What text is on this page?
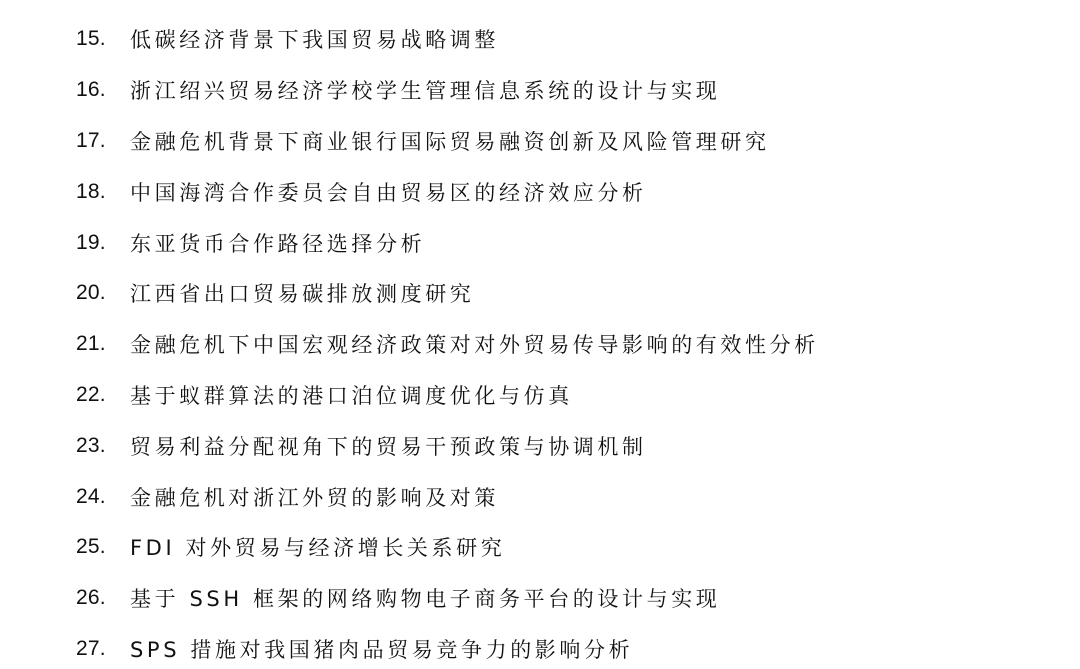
15.	低碳经济背景下我国贸易战略调整
16.	浙江绍兴贸易经济学校学生管理信息系统的设计与实现
17.	金融危机背景下商业银行国际贸易融资创新及风险管理研究
18.	中国海湾合作委员会自由贸易区的经济效应分析
19.	东亚货币合作路径选择分析
20.	江西省出口贸易碳排放测度研究
21.	金融危机下中国宏观经济政策对对外贸易传导影响的有效性分析
22.	基于蚁群算法的港口泊位调度优化与仿真
23.	贸易利益分配视角下的贸易干预政策与协调机制
24.	金融危机对浙江外贸的影响及对策
25.	FDI 对外贸易与经济增长关系研究
26.	基于 SSH 框架的网络购物电子商务平台的设计与实现
27.	SPS 措施对我国猪肉品贸易竞争力的影响分析
